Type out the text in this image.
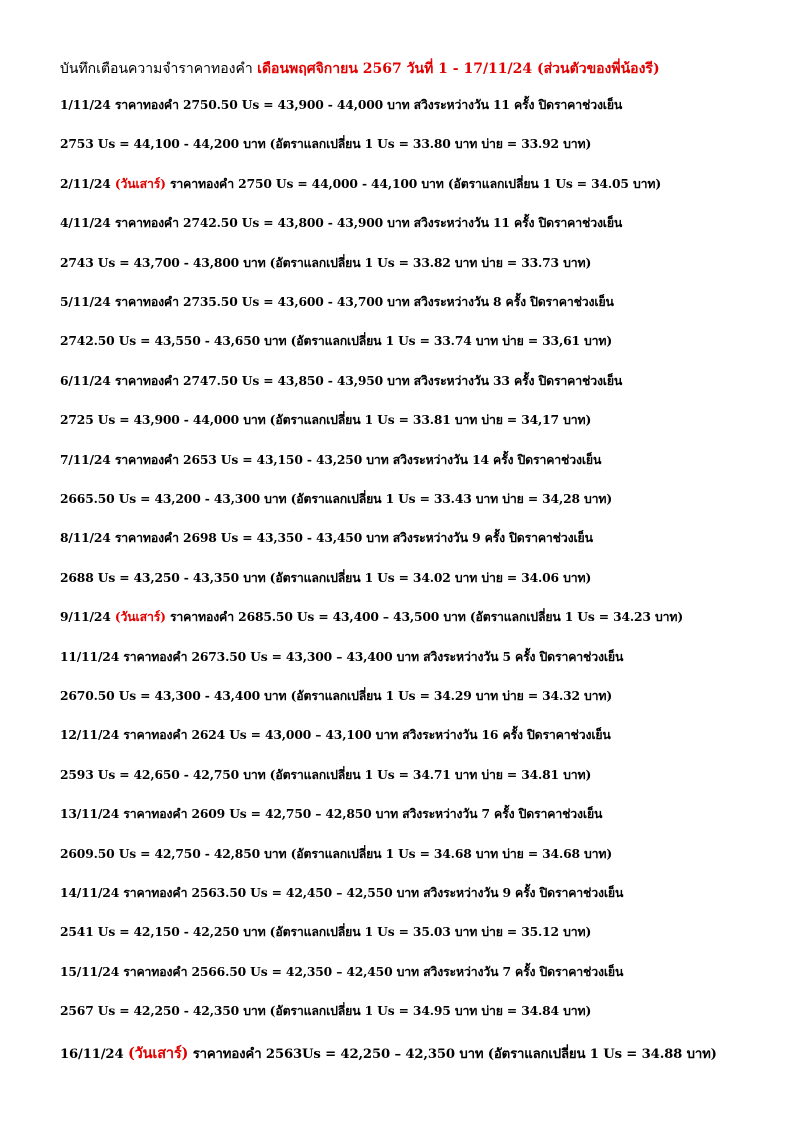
บันทึกเตือนความจำราคาทองคำ เดือนพฤศจิกายน 2567 วันที่ 1 - 17/11/24 (ส่วนตัวของพี่น้องรี)
1/11/24 ราคาทองคำ 2750.50 Us = 43,900 - 44,000 บาท สวิงระหว่างวัน 11 ครั้ง ปิดราคาช่วงเย็น
2753 Us = 44,100 - 44,200 บาท (อัตราแลกเปลี่ยน 1 Us = 33.80 บาท บ่าย = 33.92 บาท)
2/11/24 (วันเสาร์) ราคาทองคำ 2750 Us = 44,000 - 44,100 บาท (อัตราแลกเปลี่ยน 1 Us = 34.05 บาท)
4/11/24 ราคาทองคำ 2742.50 Us = 43,800 - 43,900 บาท สวิงระหว่างวัน 11 ครั้ง ปิดราคาช่วงเย็น
2743 Us = 43,700 - 43,800 บาท (อัตราแลกเปลี่ยน 1 Us = 33.82 บาท บ่าย = 33.73 บาท)
5/11/24 ราคาทองคำ 2735.50 Us = 43,600 - 43,700 บาท สวิงระหว่างวัน 8 ครั้ง ปิดราคาช่วงเย็น
2742.50 Us = 43,550 - 43,650 บาท (อัตราแลกเปลี่ยน 1 Us = 33.74 บาท บ่าย = 33,61 บาท)
6/11/24 ราคาทองคำ 2747.50 Us = 43,850 - 43,950 บาท สวิงระหว่างวัน 33 ครั้ง ปิดราคาช่วงเย็น
2725 Us = 43,900 - 44,000 บาท (อัตราแลกเปลี่ยน 1 Us = 33.81 บาท บ่าย = 34,17 บาท)
7/11/24 ราคาทองคำ 2653 Us = 43,150 - 43,250 บาท สวิงระหว่างวัน 14 ครั้ง ปิดราคาช่วงเย็น
2665.50 Us = 43,200 - 43,300 บาท (อัตราแลกเปลี่ยน 1 Us = 33.43 บาท บ่าย = 34,28 บาท)
8/11/24 ราคาทองคำ 2698 Us = 43,350 - 43,450 บาท สวิงระหว่างวัน 9 ครั้ง ปิดราคาช่วงเย็น
2688 Us = 43,250 - 43,350 บาท (อัตราแลกเปลี่ยน 1 Us = 34.02 บาท บ่าย = 34.06 บาท)
9/11/24 (วันเสาร์) ราคาทองคำ 2685.50 Us = 43,400 – 43,500 บาท (อัตราแลกเปลี่ยน 1 Us = 34.23 บาท)
11/11/24 ราคาทองคำ 2673.50 Us = 43,300 – 43,400 บาท สวิงระหว่างวัน 5 ครั้ง ปิดราคาช่วงเย็น
2670.50 Us = 43,300 - 43,400 บาท (อัตราแลกเปลี่ยน 1 Us = 34.29 บาท บ่าย = 34.32 บาท)
12/11/24 ราคาทองคำ 2624 Us = 43,000 – 43,100 บาท สวิงระหว่างวัน 16 ครั้ง ปิดราคาช่วงเย็น
2593 Us = 42,650 - 42,750 บาท (อัตราแลกเปลี่ยน 1 Us = 34.71 บาท บ่าย = 34.81 บาท)
13/11/24 ราคาทองคำ 2609 Us = 42,750 – 42,850 บาท สวิงระหว่างวัน 7 ครั้ง ปิดราคาช่วงเย็น
2609.50 Us = 42,750 - 42,850 บาท (อัตราแลกเปลี่ยน 1 Us = 34.68 บาท บ่าย = 34.68 บาท)
14/11/24 ราคาทองคำ 2563.50 Us = 42,450 – 42,550 บาท สวิงระหว่างวัน 9 ครั้ง ปิดราคาช่วงเย็น
2541 Us = 42,150 - 42,250 บาท (อัตราแลกเปลี่ยน 1 Us = 35.03 บาท บ่าย = 35.12 บาท)
15/11/24 ราคาทองคำ 2566.50 Us = 42,350 – 42,450 บาท สวิงระหว่างวัน 7 ครั้ง ปิดราคาช่วงเย็น
2567 Us = 42,250 - 42,350 บาท (อัตราแลกเปลี่ยน 1 Us = 34.95 บาท บ่าย = 34.84 บาท)
16/11/24 (วันเสาร์) ราคาทองคำ 2563Us = 42,250 – 42,350 บาท (อัตราแลกเปลี่ยน 1 Us = 34.88 บาท)
